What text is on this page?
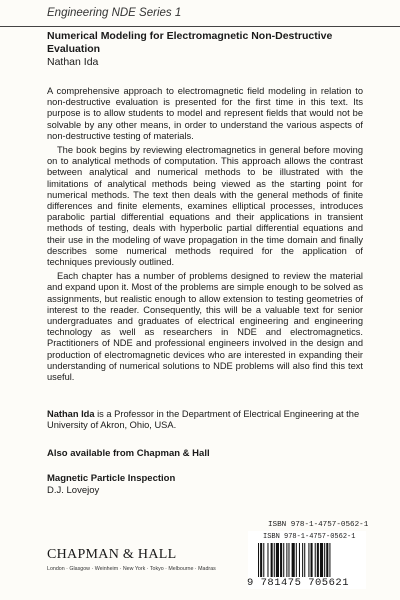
Engineering NDE Series 1
Numerical Modeling for Electromagnetic Non-Destructive Evaluation
Nathan Ida

A comprehensive approach to electromagnetic field modeling in relation to non-destructive evaluation is presented for the first time in this text. Its purpose is to allow students to model and represent fields that would not be solvable by any other means, in order to understand the various aspects of non-destructive testing of materials.

The book begins by reviewing electromagnetics in general before moving on to analytical methods of computation. This approach allows the contrast between analytical and numerical methods to be illustrated with the limitations of analytical methods being viewed as the starting point for numerical methods. The text then deals with the general methods of finite differences and finite elements, examines elliptical processes, introduces parabolic partial differential equations and their applications in transient methods of testing, deals with hyperbolic partial differential equations and their use in the modeling of wave propagation in the time domain and finally describes some numerical methods required for the application of techniques previously outlined.

Each chapter has a number of problems designed to review the material and expand upon it. Most of the problems are simple enough to be solved as assignments, but realistic enough to allow extension to testing geometries of interest to the reader. Consequently, this will be a valuable text for senior undergraduates and graduates of electrical engineering and engineering technology as well as researchers in NDE and electromagnetics. Practitioners of NDE and professional engineers involved in the design and production of electromagnetic devices who are interested in expanding their understanding of numerical solutions to NDE problems will also find this text useful.

Nathan Ida is a Professor in the Department of Electrical Engineering at the University of Akron, Ohio, USA.
Also available from Chapman & Hall
Magnetic Particle Inspection
D.J. Lovejoy
CHAPMAN & HALL
London · Glasgow · Weinheim · New York · Tokyo · Melbourne · Madras
ISBN 978-1-4757-0562-1
ISBN 978-1-4757-0562-1
9 781475 705621
